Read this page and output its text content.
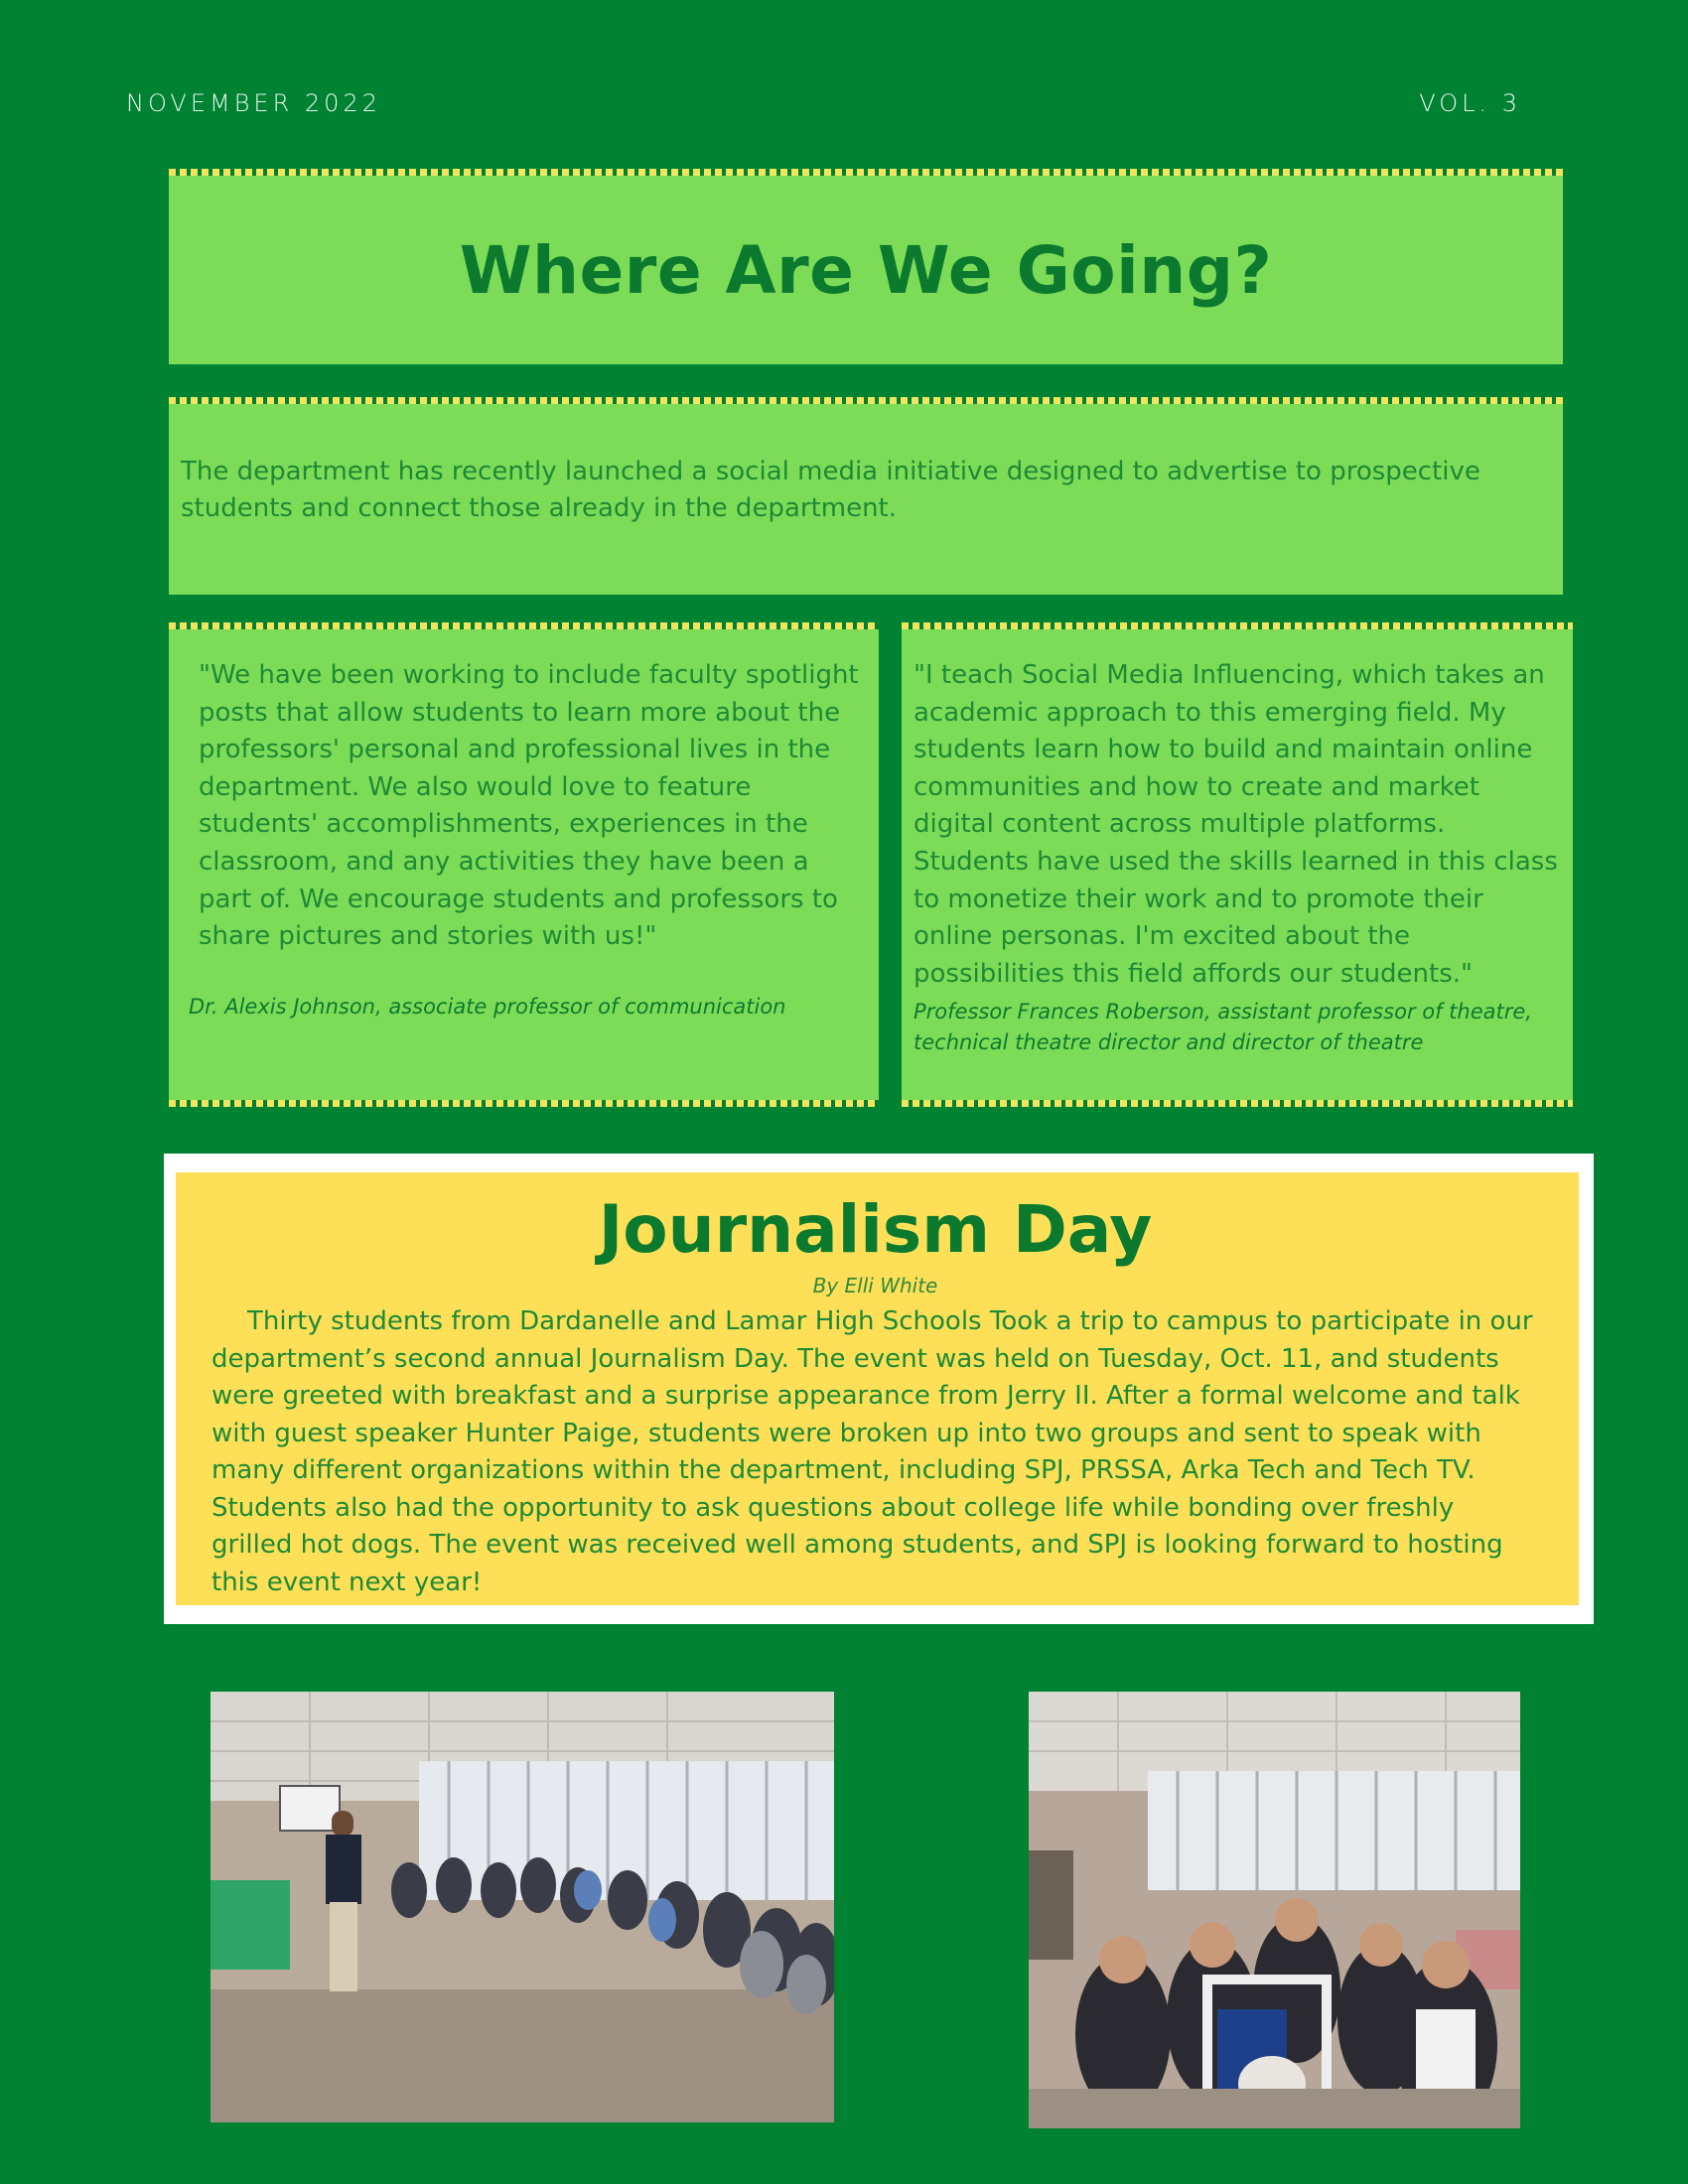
NOVEMBER 2022	VOL. 3
Where Are We Going?

The department has recently launched a social media initiative designed to advertise to prospective students and connect those already in the department.

"We have been working to include faculty spotlight posts that allow students to learn more about the professors' personal and professional lives in the department. We also would love to feature students' accomplishments, experiences in the classroom, and any activities they have been a part of. We encourage students and professors to share pictures and stories with us!"

Dr. Alexis Johnson, associate professor of communication

"I teach Social Media Influencing, which takes an academic approach to this emerging field. My students learn how to build and maintain online communities and how to create and market digital content across multiple platforms. Students have used the skills learned in this class to monetize their work and to promote their online personas. I'm excited about the possibilities this field affords our students."

Professor Frances Roberson, assistant professor of theatre, technical theatre director and director of theatre

Journalism Day
By Elli White

Thirty students from Dardanelle and Lamar High Schools Took a trip to campus to participate in our department’s second annual Journalism Day. The event was held on Tuesday, Oct. 11, and students were greeted with breakfast and a surprise appearance from Jerry II. After a formal welcome and talk with guest speaker Hunter Paige, students were broken up into two groups and sent to speak with many different organizations within the department, including SPJ, PRSSA, Arka Tech and Tech TV. Students also had the opportunity to ask questions about college life while bonding over freshly grilled hot dogs. The event was received well among students, and SPJ is looking forward to hosting this event next year!
